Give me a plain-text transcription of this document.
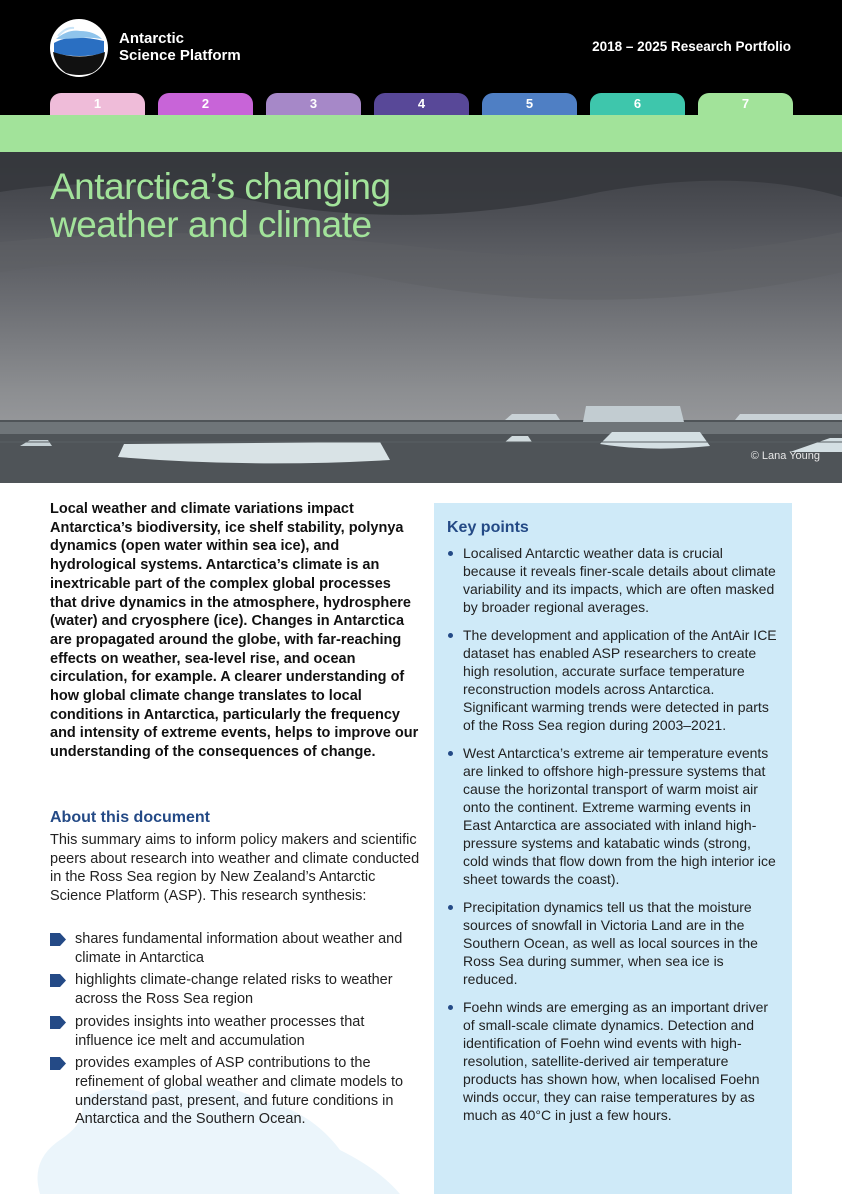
Antarctic
Science Platform
2018 – 2025 Research Portfolio
1	2	3	4	5	6	7
Antarctica’s changing
weather and climate
© Lana Young
Local weather and climate variations impact Antarctica’s biodiversity, ice shelf stability, polynya dynamics (open water within sea ice), and hydrological systems. Antarctica’s climate is an inextricable part of the complex global processes that drive dynamics in the atmosphere, hydrosphere (water) and cryosphere (ice). Changes in Antarctica are propagated around the globe, with far-reaching effects on weather, sea-level rise, and ocean circulation, for example. A clearer understanding of how global climate change translates to local conditions in Antarctica, particularly the frequency and intensity of extreme events, helps to improve our understanding of the consequences of change.
About this document
This summary aims to inform policy makers and scientific peers about research into weather and climate conducted in the Ross Sea region by New Zealand’s Antarctic Science Platform (ASP). This research synthesis:
shares fundamental information about weather and climate in Antarctica
highlights climate-change related risks to weather across the Ross Sea region
provides insights into weather processes that influence ice melt and accumulation
provides examples of ASP contributions to the refinement of global weather and climate models to understand past, present, and future conditions in Antarctica and the Southern Ocean.
Key points
Localised Antarctic weather data is crucial because it reveals finer-scale details about climate variability and its impacts, which are often masked by broader regional averages.
The development and application of the AntAir ICE dataset has enabled ASP researchers to create high resolution, accurate surface temperature reconstruction models across Antarctica. Significant warming trends were detected in parts of the Ross Sea region during 2003–2021.
West Antarctica’s extreme air temperature events are linked to offshore high-pressure systems that cause the horizontal transport of warm moist air onto the continent. Extreme warming events in East Antarctica are associated with inland high-pressure systems and katabatic winds (strong, cold winds that flow down from the high interior ice sheet towards the coast).
Precipitation dynamics tell us that the moisture sources of snowfall in Victoria Land are in the Southern Ocean, as well as local sources in the Ross Sea during summer, when sea ice is reduced.
Foehn winds are emerging as an important driver of small-scale climate dynamics. Detection and identification of Foehn wind events with high-resolution, satellite-derived air temperature products has shown how, when localised Foehn winds occur, they can raise temperatures by as much as 40°C in just a few hours.
